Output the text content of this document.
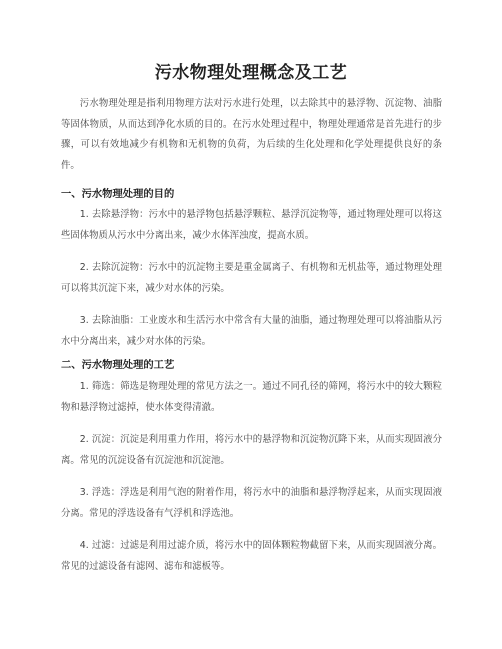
污水物理处理概念及工艺

污水物理处理是指利用物理方法对污水进行处理，以去除其中的悬浮物、沉淀物、油脂等固体物质，从而达到净化水质的目的。在污水处理过程中，物理处理通常是首先进行的步骤，可以有效地减少有机物和无机物的负荷，为后续的生化处理和化学处理提供良好的条件。

一、污水物理处理的目的

1. 去除悬浮物：污水中的悬浮物包括悬浮颗粒、悬浮沉淀物等，通过物理处理可以将这些固体物质从污水中分离出来，减少水体浑浊度，提高水质。

2. 去除沉淀物：污水中的沉淀物主要是重金属离子、有机物和无机盐等，通过物理处理可以将其沉淀下来，减少对水体的污染。

3. 去除油脂：工业废水和生活污水中常含有大量的油脂，通过物理处理可以将油脂从污水中分离出来，减少对水体的污染。

二、污水物理处理的工艺

1. 筛选：筛选是物理处理的常见方法之一。通过不同孔径的筛网，将污水中的较大颗粒物和悬浮物过滤掉，使水体变得清澈。

2. 沉淀：沉淀是利用重力作用，将污水中的悬浮物和沉淀物沉降下来，从而实现固液分离。常见的沉淀设备有沉淀池和沉淀池。

3. 浮选：浮选是利用气泡的附着作用，将污水中的油脂和悬浮物浮起来，从而实现固液分离。常见的浮选设备有气浮机和浮选池。

4. 过滤：过滤是利用过滤介质，将污水中的固体颗粒物截留下来，从而实现固液分离。常见的过滤设备有滤网、滤布和滤板等。
